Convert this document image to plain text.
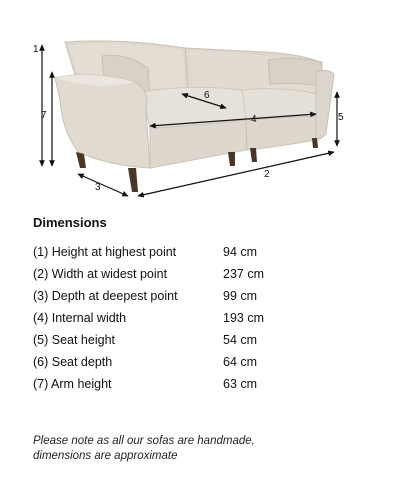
1
7
3
2
4
6
5
Dimensions
(1) Height at highest point	94 cm
(2) Width at widest point	237 cm
(3) Depth at deepest point	99 cm
(4) Internal width	193 cm
(5) Seat height	54 cm
(6) Seat depth	64 cm
(7) Arm height	63 cm
Please note as all our sofas are handmade,
dimensions are approximate
